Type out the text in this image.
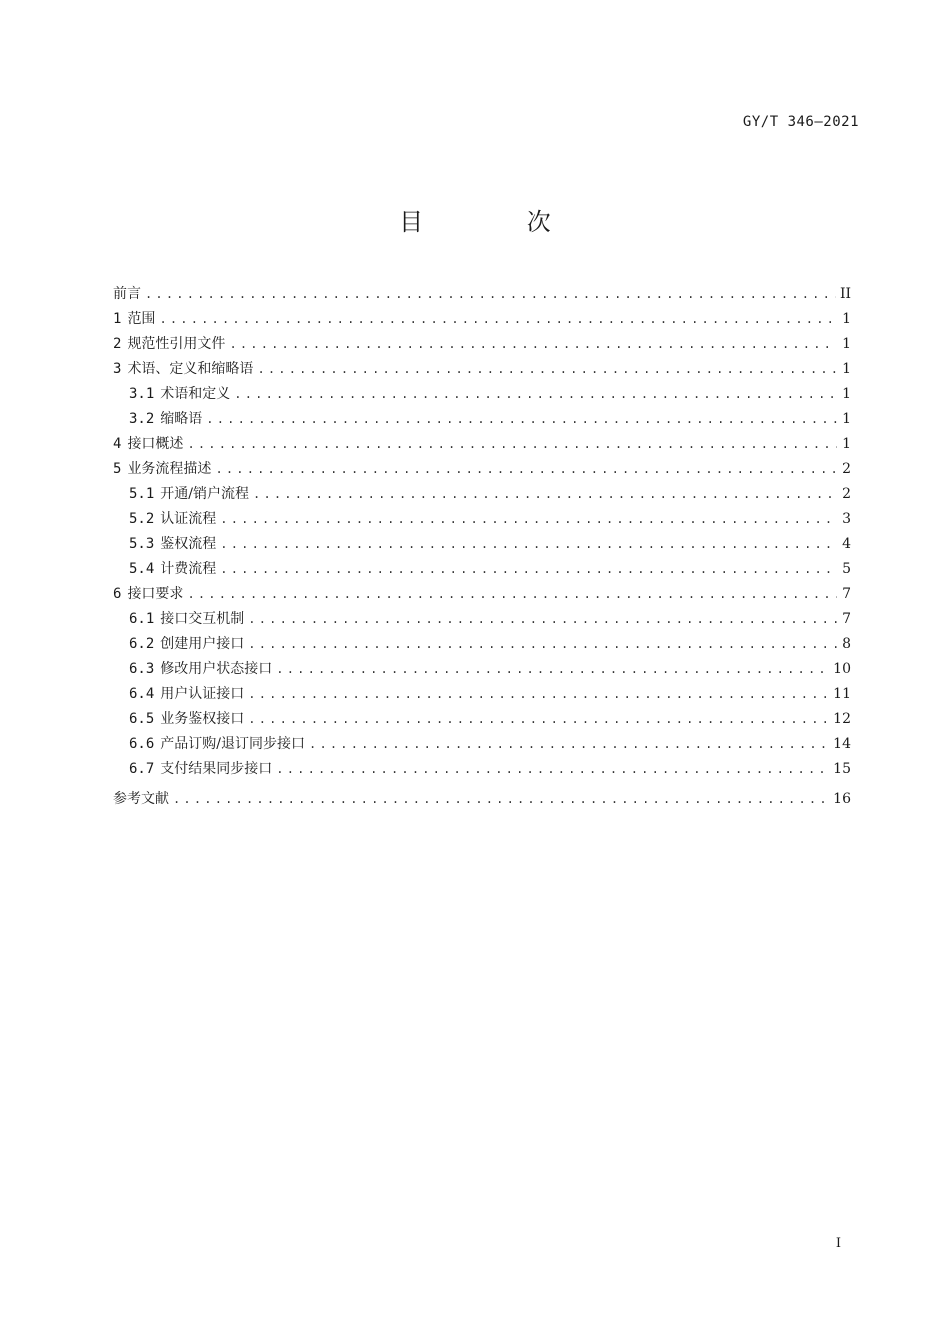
GY/T 346—2021
目 次
前言 .....	II
1 范围 .....	1
2 规范性引用文件 .....	1
3 术语、定义和缩略语 .....	1
3.1 术语和定义 .....	1
3.2 缩略语 .....	1
4 接口概述 .....	1
5 业务流程描述 .....	2
5.1 开通/销户流程 .....	2
5.2 认证流程 .....	3
5.3 鉴权流程 .....	4
5.4 计费流程 .....	5
6 接口要求 .....	7
6.1 接口交互机制 .....	7
6.2 创建用户接口 .....	8
6.3 修改用户状态接口 .....	10
6.4 用户认证接口 .....	11
6.5 业务鉴权接口 .....	12
6.6 产品订购/退订同步接口 .....	14
6.7 支付结果同步接口 .....	15
参考文献 .....	16
I
